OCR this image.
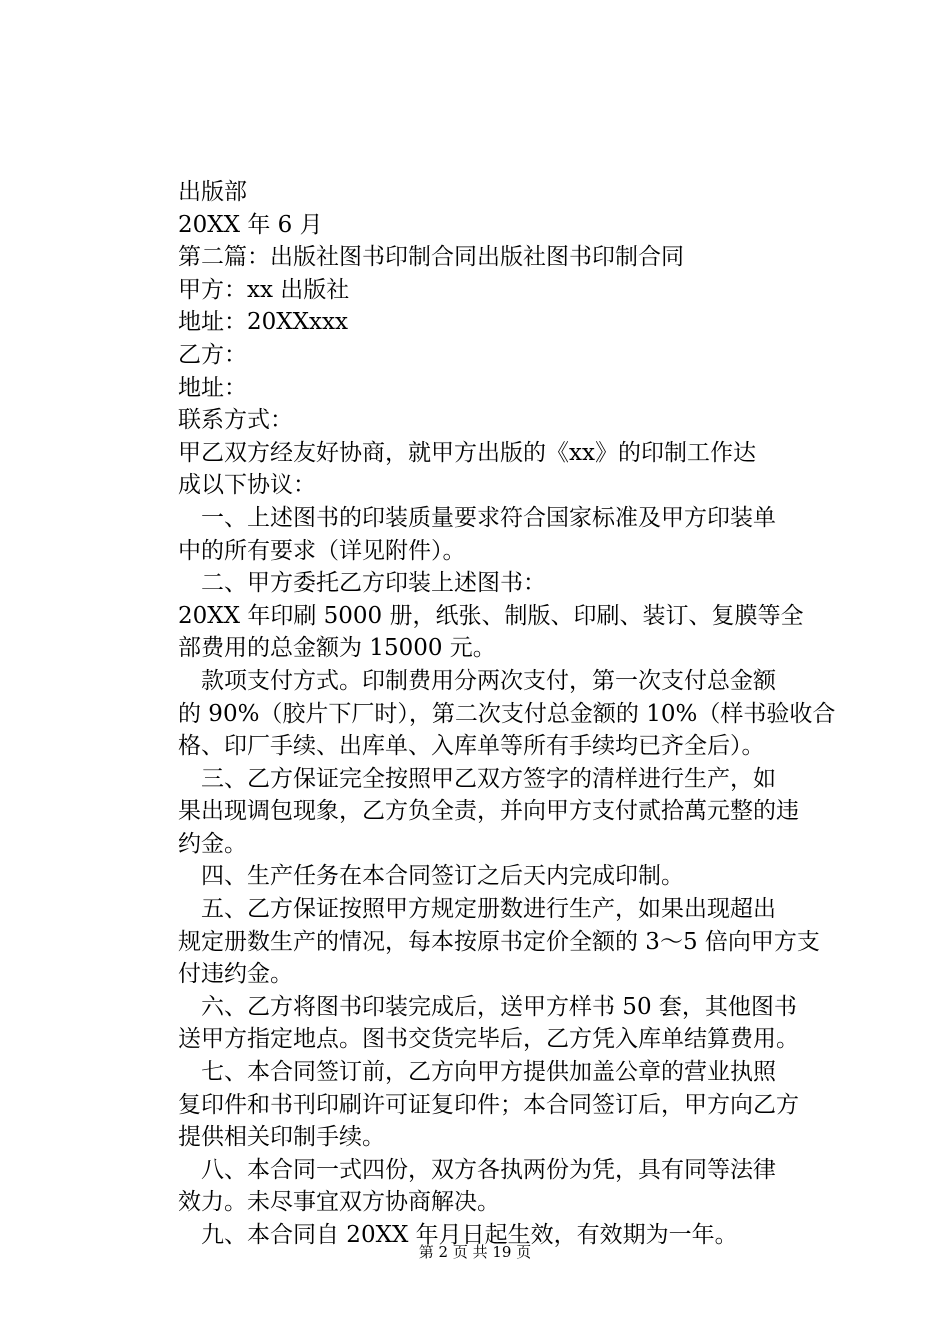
出版部
20XX 年 6 月
第二篇：出版社图书印制合同出版社图书印制合同
甲方：xx 出版社
地址：20XXxxx
乙方：
地址：
联系方式：
甲乙双方经友好协商，就甲方出版的《xx》的印制工作达
成以下协议：
　一、上述图书的印装质量要求符合国家标准及甲方印装单
中的所有要求（详见附件）。
　二、甲方委托乙方印装上述图书：
20XX 年印刷 5000 册，纸张、制版、印刷、装订、复膜等全
部费用的总金额为 15000 元。
　款项支付方式。印制费用分两次支付，第一次支付总金额
的 90%（胶片下厂时），第二次支付总金额的 10%（样书验收合
格、印厂手续、出库单、入库单等所有手续均已齐全后）。
　三、乙方保证完全按照甲乙双方签字的清样进行生产，如
果出现调包现象，乙方负全责，并向甲方支付贰拾萬元整的违
约金。
　四、生产任务在本合同签订之后天内完成印制。
　五、乙方保证按照甲方规定册数进行生产，如果出现超出
规定册数生产的情况，每本按原书定价全额的 3～5 倍向甲方支
付违约金。
　六、乙方将图书印装完成后，送甲方样书 50 套，其他图书
送甲方指定地点。图书交货完毕后，乙方凭入库单结算费用。
　七、本合同签订前，乙方向甲方提供加盖公章的营业执照
复印件和书刊印刷许可证复印件；本合同签订后，甲方向乙方
提供相关印制手续。
　八、本合同一式四份，双方各执两份为凭，具有同等法律
效力。未尽事宜双方协商解决。
　九、本合同自 20XX 年月日起生效，有效期为一年。
第 2 页 共 19 页
